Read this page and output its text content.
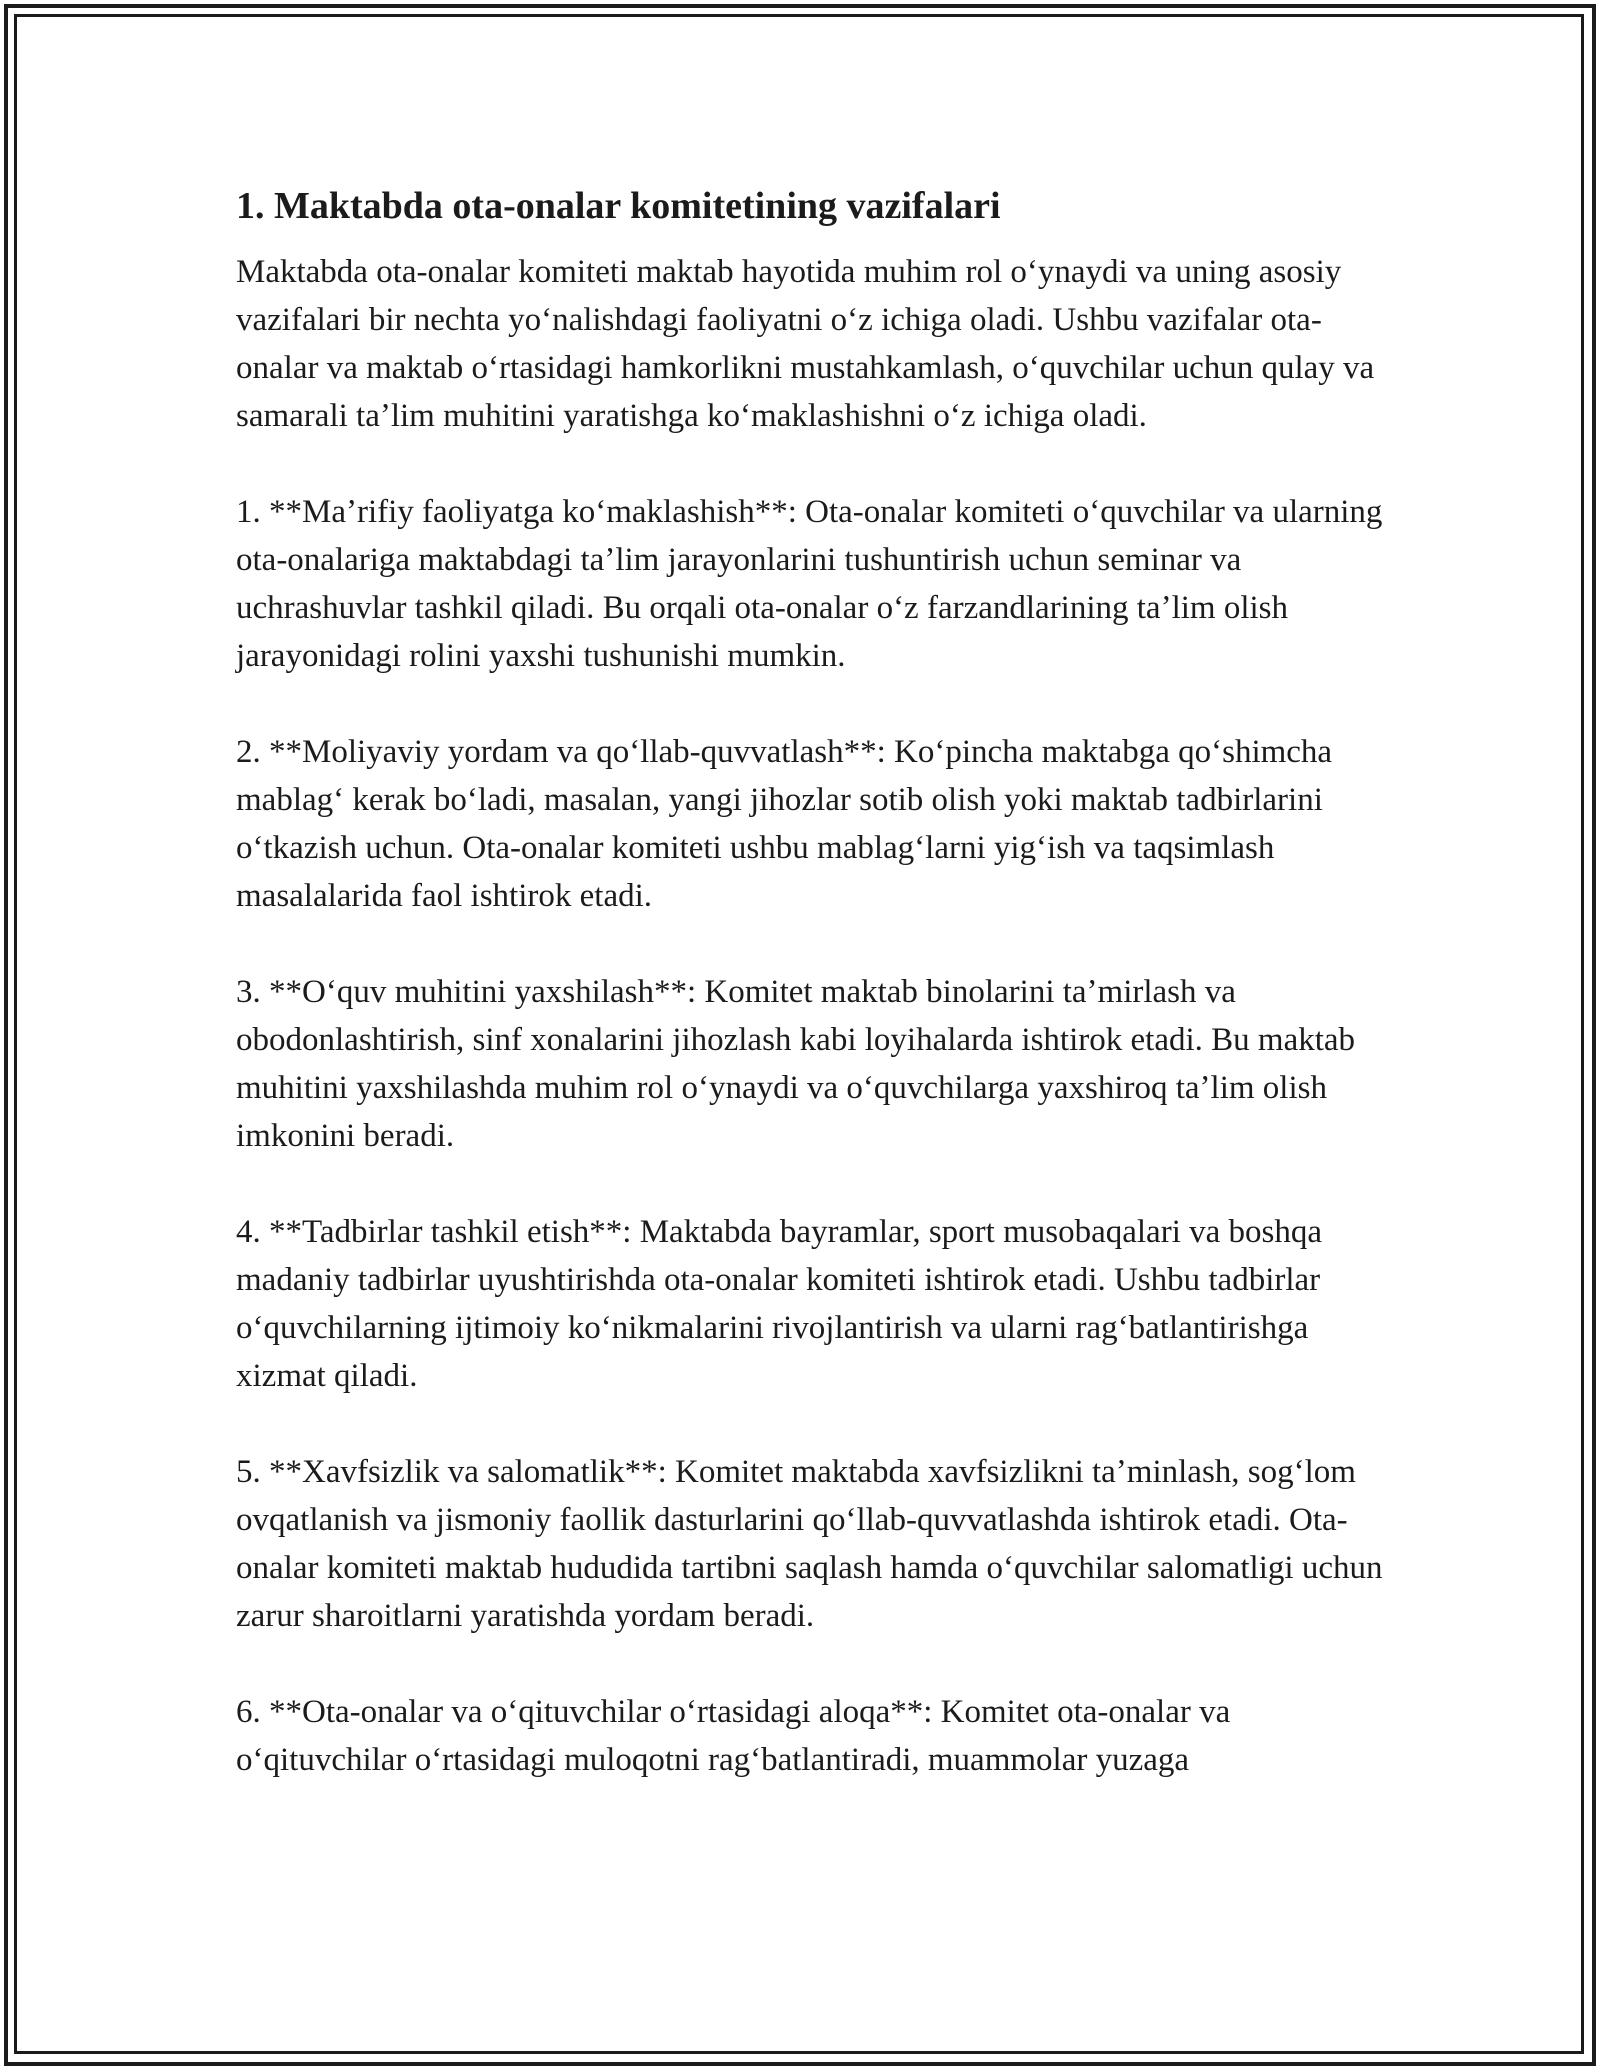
1. Maktabda ota-onalar komitetining vazifalari

Maktabda ota-onalar komiteti maktab hayotida muhim rol oʻynaydi va uning asosiy vazifalari bir nechta yoʻnalishdagi faoliyatni oʻz ichiga oladi. Ushbu vazifalar ota-onalar va maktab oʻrtasidagi hamkorlikni mustahkamlash, oʻquvchilar uchun qulay va samarali taʼlim muhitini yaratishga koʻmaklashishni oʻz ichiga oladi.

1. **Maʼrifiy faoliyatga koʻmaklashish**: Ota-onalar komiteti oʻquvchilar va ularning ota-onalariga maktabdagi taʼlim jarayonlarini tushuntirish uchun seminar va uchrashuvlar tashkil qiladi. Bu orqali ota-onalar oʻz farzandlarining taʼlim olish jarayonidagi rolini yaxshi tushunishi mumkin.

2. **Moliyaviy yordam va qoʻllab-quvvatlash**: Koʻpincha maktabga qoʻshimcha mablagʻ kerak boʻladi, masalan, yangi jihozlar sotib olish yoki maktab tadbirlarini oʻtkazish uchun. Ota-onalar komiteti ushbu mablagʻlarni yigʻish va taqsimlash masalalarida faol ishtirok etadi.

3. **Oʻquv muhitini yaxshilash**: Komitet maktab binolarini taʼmirlash va obodonlashtirish, sinf xonalarini jihozlash kabi loyihalarda ishtirok etadi. Bu maktab muhitini yaxshilashda muhim rol oʻynaydi va oʻquvchilarga yaxshiroq taʼlim olish imkonini beradi.

4. **Tadbirlar tashkil etish**: Maktabda bayramlar, sport musobaqalari va boshqa madaniy tadbirlar uyushtirishda ota-onalar komiteti ishtirok etadi. Ushbu tadbirlar oʻquvchilarning ijtimoiy koʻnikmalarini rivojlantirish va ularni ragʻbatlantirishga xizmat qiladi.

5. **Xavfsizlik va salomatlik**: Komitet maktabda xavfsizlikni taʼminlash, sogʻlom ovqatlanish va jismoniy faollik dasturlarini qoʻllab-quvvatlashda ishtirok etadi. Ota-onalar komiteti maktab hududida tartibni saqlash hamda oʻquvchilar salomatligi uchun zarur sharoitlarni yaratishda yordam beradi.

6. **Ota-onalar va oʻqituvchilar oʻrtasidagi aloqa**: Komitet ota-onalar va oʻqituvchilar oʻrtasidagi muloqotni ragʻbatlantiradi, muammolar yuzaga
